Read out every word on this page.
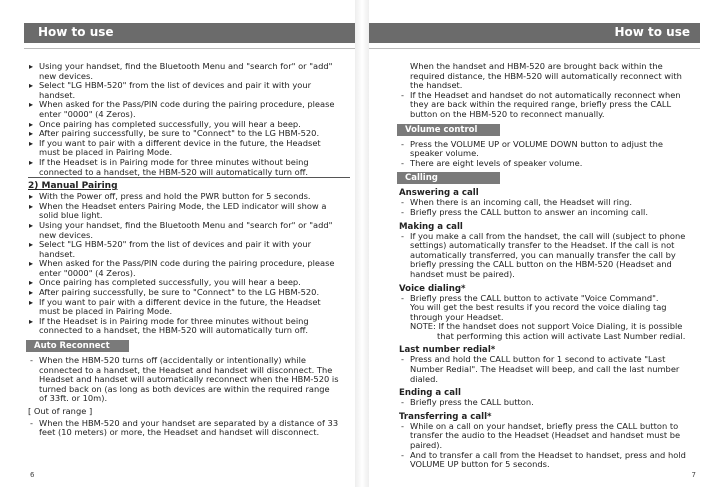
How to use
▸ Using your handset, find the Bluetooth Menu and "search for" or "add" new devices.
▸ Select "LG HBM-520" from the list of devices and pair it with your handset.
▸ When asked for the Pass/PIN code during the pairing procedure, please enter "0000" (4 Zeros).
▸ Once pairing has completed successfully, you will hear a beep.
▸ After pairing successfully, be sure to "Connect" to the LG HBM-520.
▸ If you want to pair with a different device in the future, the Headset must be placed in Pairing Mode.
▸ If the Headset is in Pairing mode for three minutes without being connected to a handset, the HBM-520 will automatically turn off.
2) Manual Pairing
▸ With the Power off, press and hold the PWR button for 5 seconds.
▸ When the Headset enters Pairing Mode, the LED indicator will show a solid blue light.
▸ Using your handset, find the Bluetooth Menu and "search for" or "add" new devices.
▸ Select "LG HBM-520" from the list of devices and pair it with your handset.
▸ When asked for the Pass/PIN code during the pairing procedure, please enter "0000" (4 Zeros).
▸ Once pairing has completed successfully, you will hear a beep.
▸ After pairing successfully, be sure to "Connect" to the LG HBM-520.
▸ If you want to pair with a different device in the future, the Headset must be placed in Pairing Mode.
▸ If the Headset is in Pairing mode for three minutes without being connected to a handset, the HBM-520 will automatically turn off.
Auto Reconnect
- When the HBM-520 turns off (accidentally or intentionally) while connected to a handset, the Headset and handset will disconnect. The Headset and handset will automatically reconnect when the HBM-520 is turned back on (as long as both devices are within the required range of 33ft. or 10m).
[ Out of range ]
- When the HBM-520 and your handset are separated by a distance of 33 feet (10 meters) or more, the Headset and handset will disconnect.
6
How to use
When the handset and HBM-520 are brought back within the required distance, the HBM-520 will automatically reconnect with the handset.
- If the Headset and handset do not automatically reconnect when they are back within the required range, briefly press the CALL button on the HBM-520 to reconnect manually.
Volume control
- Press the VOLUME UP or VOLUME DOWN button to adjust the speaker volume.
- There are eight levels of speaker volume.
Calling
Answering a call
- When there is an incoming call, the Headset will ring.
- Briefly press the CALL button to answer an incoming call.
Making a call
- If you make a call from the handset, the call will (subject to phone settings) automatically transfer to the Headset. If the call is not automatically transferred, you can manually transfer the call by briefly pressing the CALL button on the HBM-520 (Headset and handset must be paired).
Voice dialing*
- Briefly press the CALL button to activate "Voice Command".
You will get the best results if you record the voice dialing tag through your Headset.
NOTE: If the handset does not support Voice Dialing, it is possible
that performing this action will activate Last Number redial.
Last number redial*
- Press and hold the CALL button for 1 second to activate "Last Number Redial". The Headset will beep, and call the last number dialed.
Ending a call
- Briefly press the CALL button.
Transferring a call*
- While on a call on your handset, briefly press the CALL button to transfer the audio to the Headset (Headset and handset must be paired).
- And to transfer a call from the Headset to handset, press and hold VOLUME UP button for 5 seconds.
7
